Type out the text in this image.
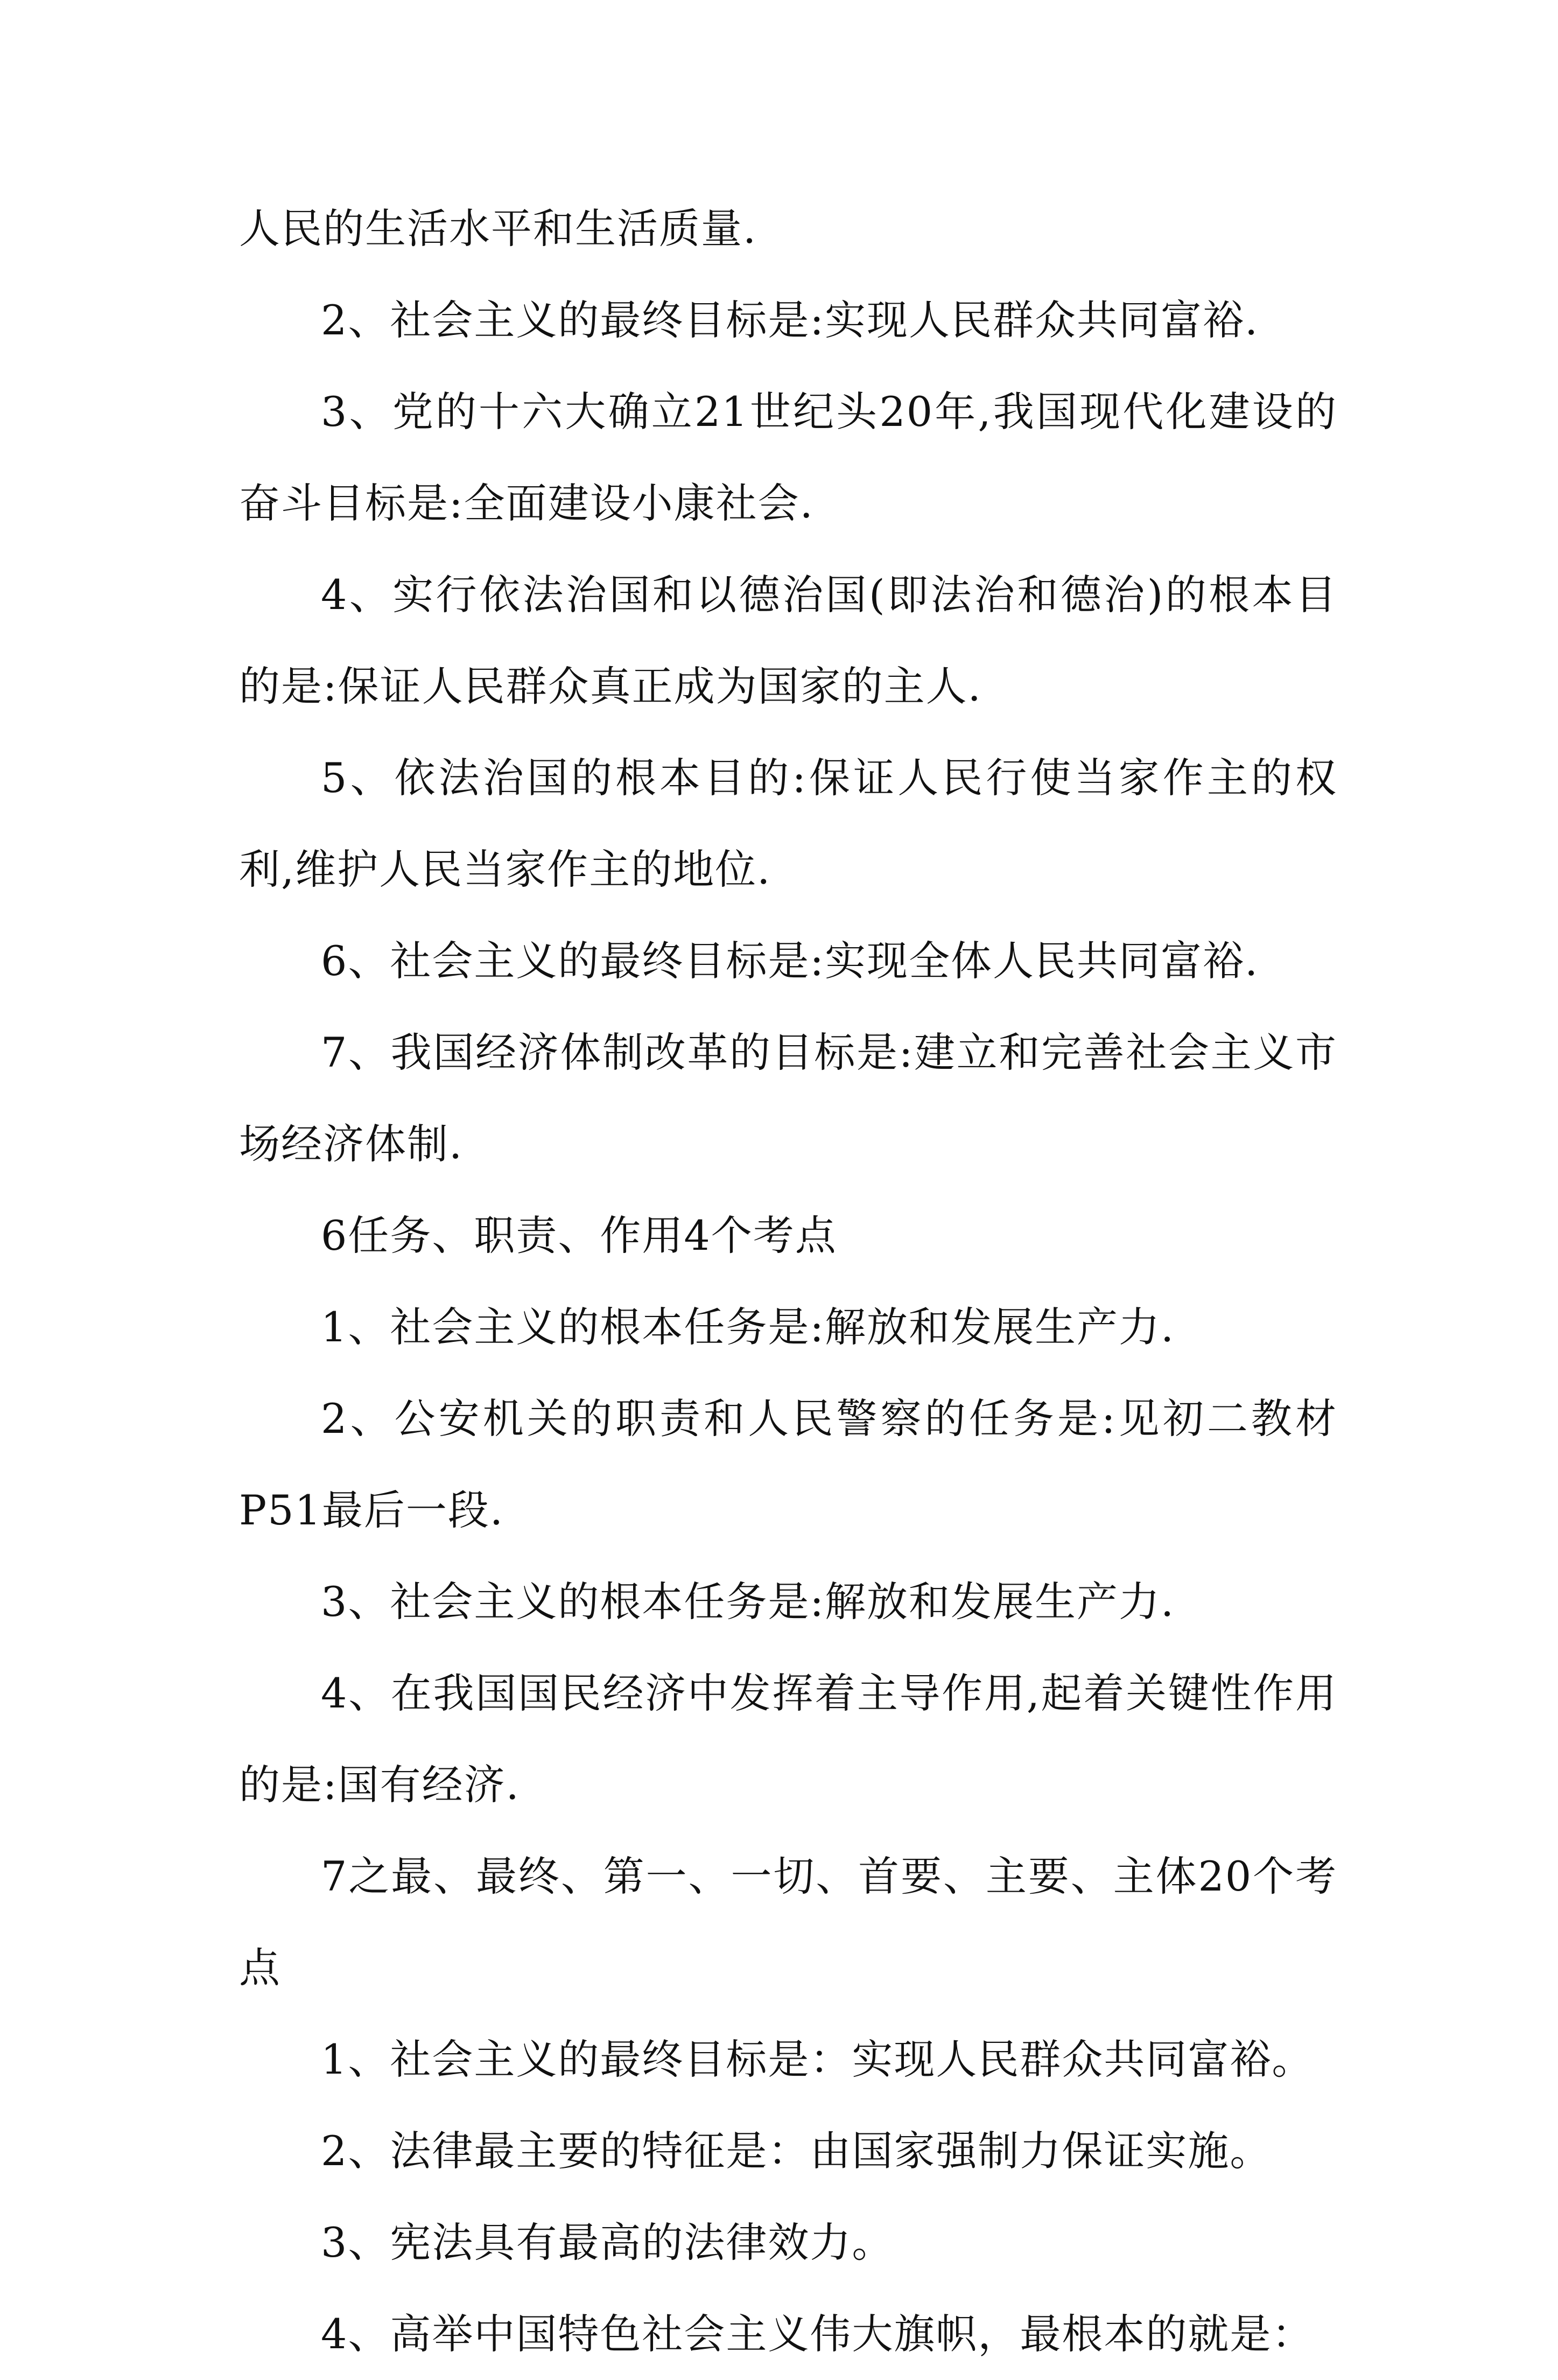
人民的生活水平和生活质量.

2、社会主义的最终目标是:实现人民群众共同富裕.

3、党的十六大确立21世纪头20年,我国现代化建设的奋斗目标是:全面建设小康社会.

4、实行依法治国和以德治国(即法治和德治)的根本目的是:保证人民群众真正成为国家的主人.

5、依法治国的根本目的:保证人民行使当家作主的权利,维护人民当家作主的地位.

6、社会主义的最终目标是:实现全体人民共同富裕.

7、我国经济体制改革的目标是:建立和完善社会主义市场经济体制.

6任务、职责、作用4个考点

1、社会主义的根本任务是:解放和发展生产力.

2、公安机关的职责和人民警察的任务是:见初二教材P51最后一段.

3、社会主义的根本任务是:解放和发展生产力.

4、在我国国民经济中发挥着主导作用,起着关键性作用的是:国有经济.

7之最、最终、第一、一切、首要、主要、主体20个考点

1、社会主义的最终目标是：实现人民群众共同富裕。

2、法律最主要的特征是：由国家强制力保证实施。

3、宪法具有最高的法律效力。

4、高举中国特色社会主义伟大旗帜，最根本的就是：
